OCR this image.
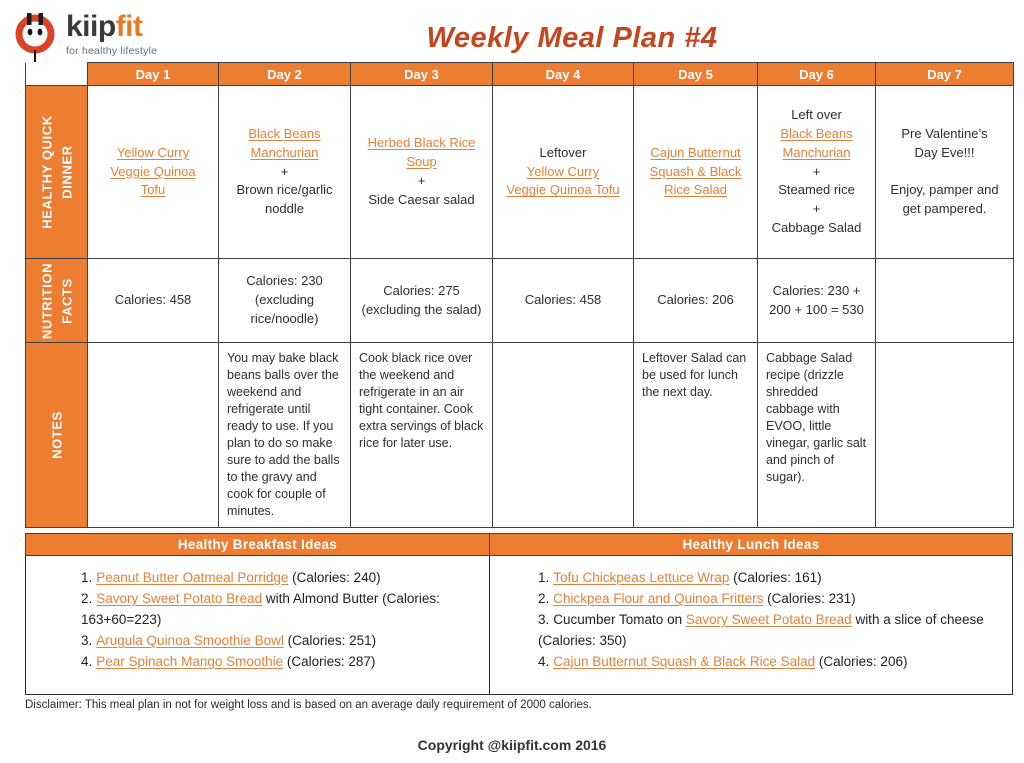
kiipfit
for healthy lifestyle	Weekly Meal Plan #4
	Day 1	Day 2	Day 3	Day 4	Day 5	Day 6	Day 7

HEALTHY QUICK DINNER	Yellow Curry Veggie Quinoa Tofu	Black Beans Manchurian
+
Brown rice/garlic noddle	Herbed Black Rice Soup
+
Side Caesar salad	Leftover
Yellow Curry Veggie Quinoa Tofu	Cajun Butternut Squash & Black Rice Salad	Left over
Black Beans Manchurian
+
Steamed rice
+
Cabbage Salad	Pre Valentine’s Day Eve!!!

Enjoy, pamper and get pampered.

NUTRITION FACTS	Calories: 458	Calories: 230 (excluding rice/noodle)	Calories: 275 (excluding the salad)	Calories: 458	Calories: 206	Calories: 230 + 200 + 100 = 530	

NOTES		You may bake black beans balls over the weekend and refrigerate until ready to use. If you plan to do so make sure to add the balls to the gravy and cook for couple of minutes.	Cook black rice over the weekend and refrigerate in an air tight container. Cook extra servings of black rice for later use.		Leftover Salad can be used for lunch the next day.	Cabbage Salad recipe (drizzle shredded cabbage with EVOO, little vinegar, garlic salt and pinch of sugar).	
Healthy Breakfast Ideas
1. Peanut Butter Oatmeal Porridge (Calories: 240)
2. Savory Sweet Potato Bread with Almond Butter (Calories: 163+60=223)
3. Arugula Quinoa Smoothie Bowl (Calories: 251)
4. Pear Spinach Mango Smoothie (Calories: 287)
Healthy Lunch Ideas
1. Tofu Chickpeas Lettuce Wrap (Calories: 161)
2. Chickpea Flour and Quinoa Fritters (Calories: 231)
3. Cucumber Tomato on Savory Sweet Potato Bread with a slice of cheese (Calories: 350)
4. Cajun Butternut Squash & Black Rice Salad (Calories: 206)

Disclaimer: This meal plan in not for weight loss and is based on an average daily requirement of 2000 calories.

Copyright @kiipfit.com 2016
